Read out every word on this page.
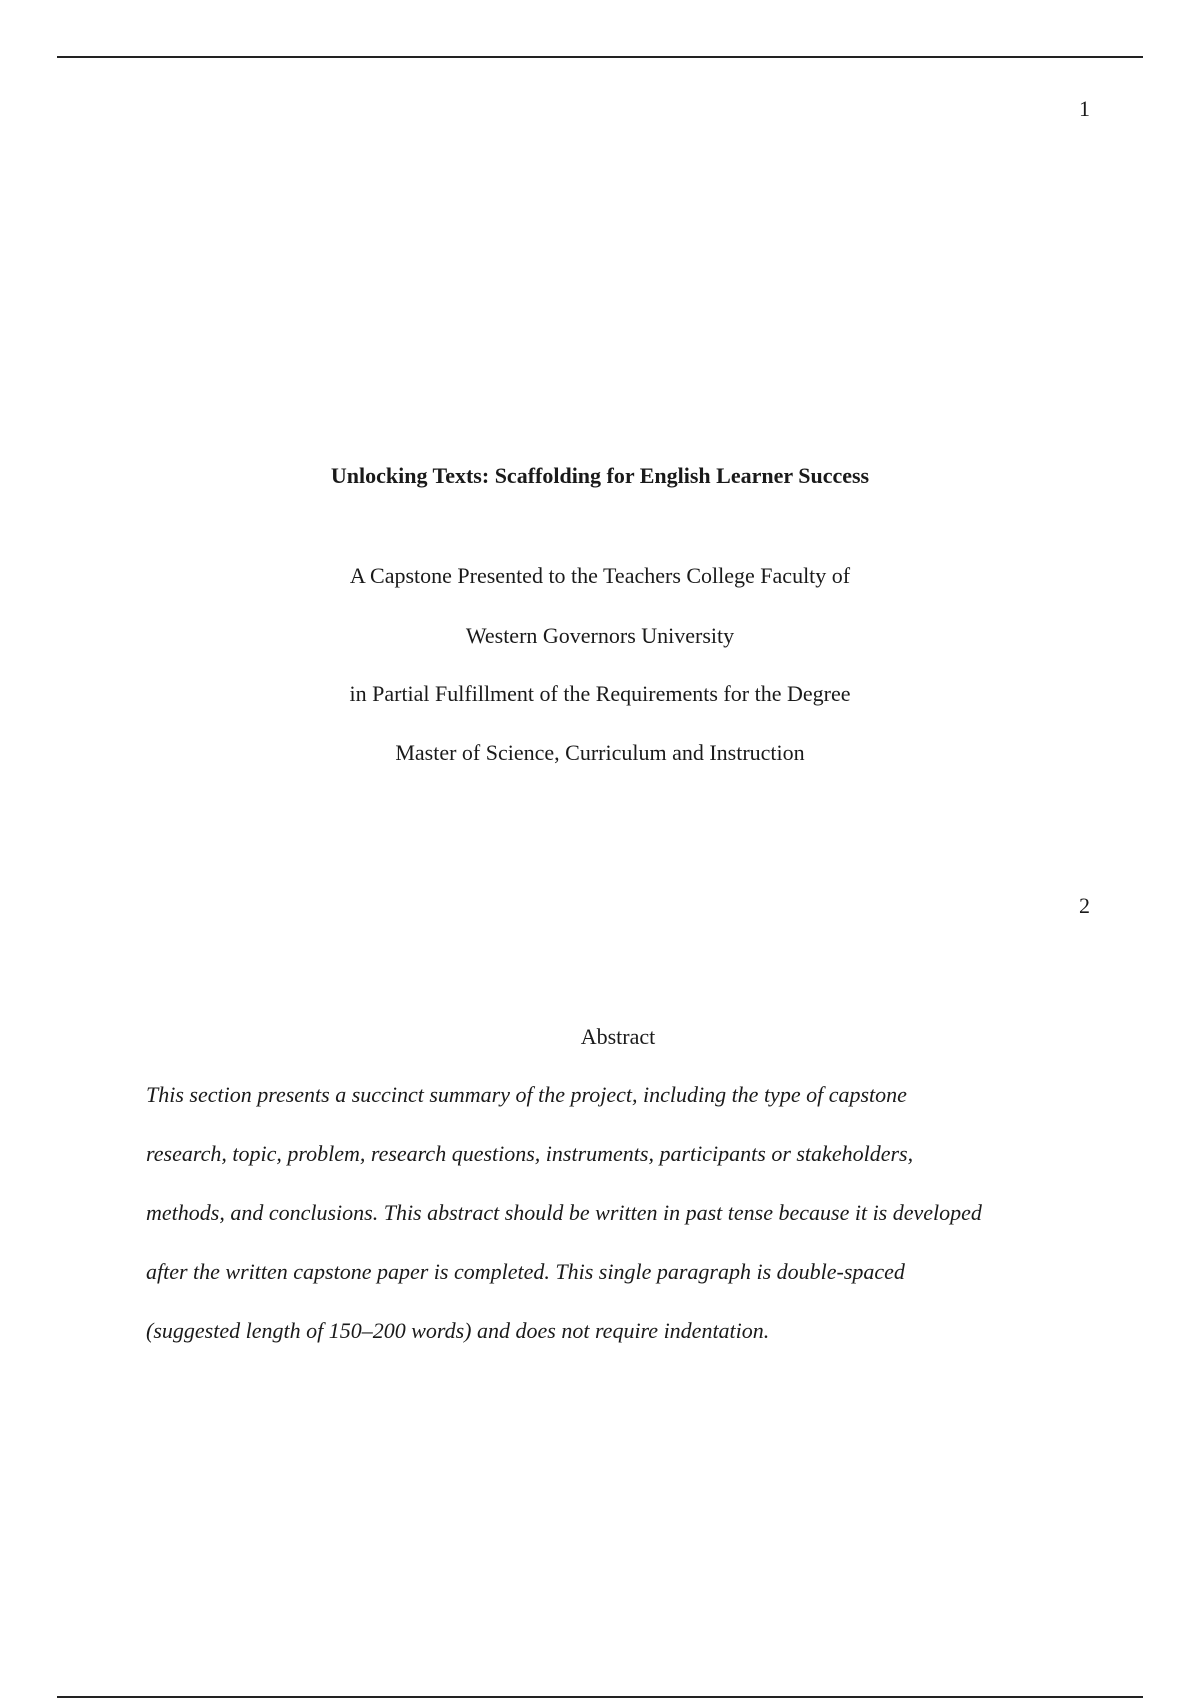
1
Unlocking Texts: Scaffolding for English Learner Success
A Capstone Presented to the Teachers College Faculty of
Western Governors University
in Partial Fulfillment of the Requirements for the Degree
Master of Science, Curriculum and Instruction
2
Abstract
This section presents a succinct summary of the project, including the type of capstone
research, topic, problem, research questions, instruments, participants or stakeholders,
methods, and conclusions. This abstract should be written in past tense because it is developed
after the written capstone paper is completed. This single paragraph is double-spaced
(suggested length of 150–200 words) and does not require indentation.
